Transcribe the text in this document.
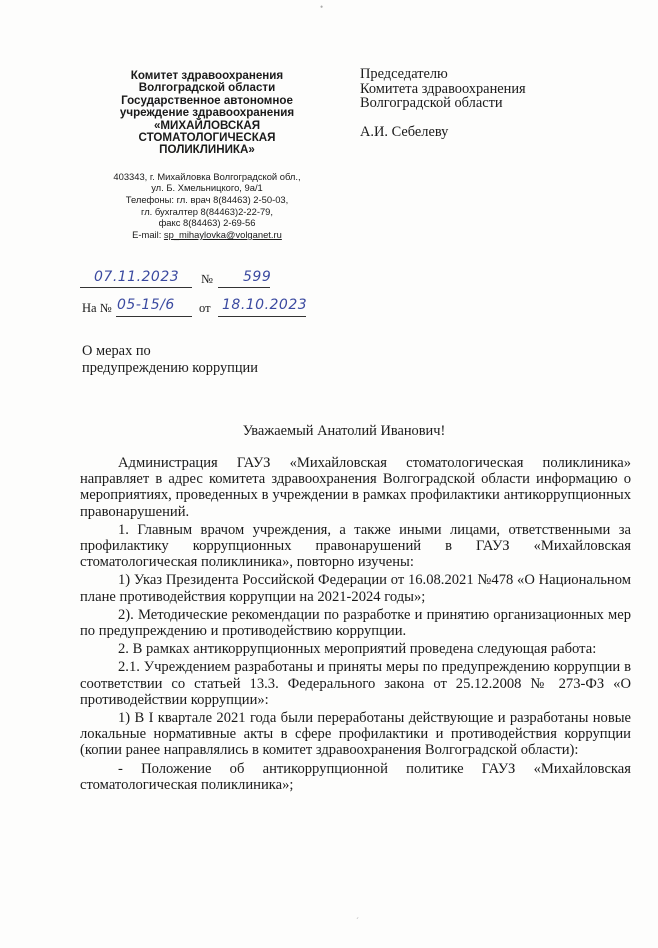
•

Комитет здравоохранения

Волгоградской области

Государственное автономное

учреждение здравоохранения

«МИХАЙЛОВСКАЯ

СТОМАТОЛОГИЧЕСКАЯ

ПОЛИКЛИНИКА»

403343, г. Михайловка Волгоградской обл.,
ул. Б. Хмельницкого, 9а/1
Телефоны: гл. врач 8(84463) 2-50-03,
гл. бухгалтер 8(84463)2-22-79,
факс 8(84463) 2-69-56
E-mail: sp_mihaylovka@volganet.ru
Председателю
Комитета здравоохранения
Волгоградской области
А.И. Себелеву
07.11.2023 № 599
На № 05-15/6 от 18.10.2023
О мерах по
предупреждению коррупции
Уважаемый Анатолий Иванович!

Администрация ГАУЗ «Михайловская стоматологическая поликлиника» направляет в адрес комитета здравоохранения Волгоградской области информацию о мероприятиях, проведенных в учреждении в рамках профилактики антикоррупционных правонарушений.

1. Главным врачом учреждения, а также иными лицами, ответственными за профилактику коррупционных правонарушений в ГАУЗ «Михайловская стоматологическая поликлиника», повторно изучены:

1) Указ Президента Российской Федерации от 16.08.2021 №478 «О Национальном плане противодействия коррупции на 2021-2024 годы»;

2). Методические рекомендации по разработке и принятию организационных мер по предупреждению и противодействию коррупции.

2. В рамках антикоррупционных мероприятий проведена следующая работа:

2.1. Учреждением разработаны и приняты меры по предупреждению коррупции в соответствии со статьей 13.3. Федерального закона от 25.12.2008 № 273-ФЗ «О противодействии коррупции»:

1) В I квартале 2021 года были переработаны действующие и разработаны новые локальные нормативные акты в сфере профилактики и противодействия коррупции (копии ранее направлялись в комитет здравоохранения Волгоградской области):

- Положение об антикоррупционной политике ГАУЗ «Михайловская стоматологическая поликлиника»;

ˊ
